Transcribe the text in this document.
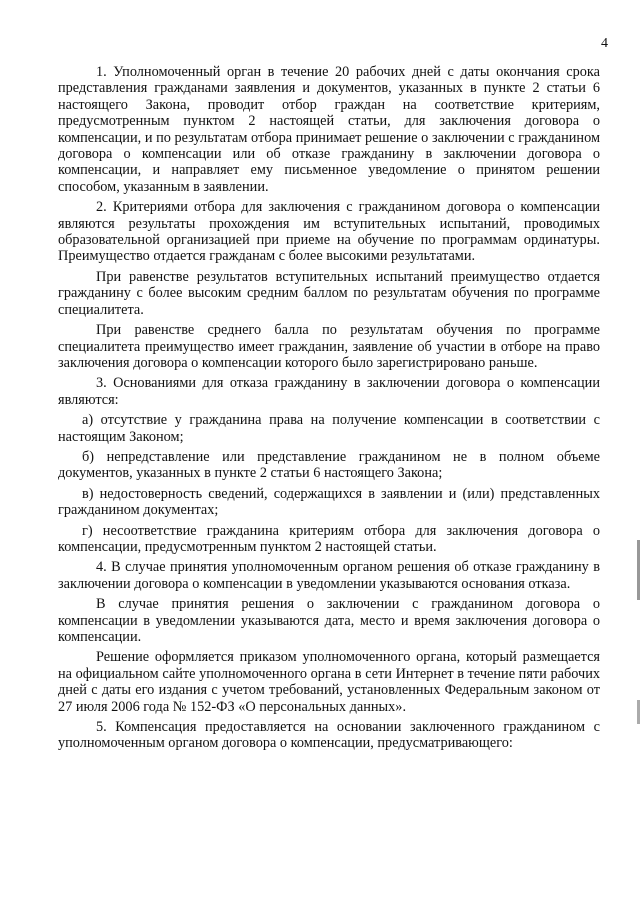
4

1. Уполномоченный орган в течение 20 рабочих дней с даты окончания срока представления гражданами заявления и документов, указанных в пункте 2 статьи 6 настоящего Закона, проводит отбор граждан на соответствие критериям, предусмотренным пунктом 2 настоящей статьи, для заключения договора о компенсации, и по результатам отбора принимает решение о заключении с гражданином договора о компенсации или об отказе гражданину в заключении договора о компенсации, и направляет ему письменное уведомление о принятом решении способом, указанным в заявлении.

2. Критериями отбора для заключения с гражданином договора о компенсации являются результаты прохождения им вступительных испытаний, проводимых образовательной организацией при приеме на обучение по программам ординатуры. Преимущество отдается гражданам с более высокими результатами.

При равенстве результатов вступительных испытаний преимущество отдается гражданину с более высоким средним баллом по результатам обучения по программе специалитета.

При равенстве среднего балла по результатам обучения по программе специалитета преимущество имеет гражданин, заявление об участии в отборе на право заключения договора о компенсации которого было зарегистрировано раньше.

3. Основаниями для отказа гражданину в заключении договора о компенсации являются:

а) отсутствие у гражданина права на получение компенсации в соответствии с настоящим Законом;

б) непредставление или представление гражданином не в полном объеме документов, указанных в пункте 2 статьи 6 настоящего Закона;

в) недостоверность сведений, содержащихся в заявлении и (или) представленных гражданином документах;

г) несоответствие гражданина критериям отбора для заключения договора о компенсации, предусмотренным пунктом 2 настоящей статьи.

4. В случае принятия уполномоченным органом решения об отказе гражданину в заключении договора о компенсации в уведомлении указываются основания отказа.

В случае принятия решения о заключении с гражданином договора о компенсации в уведомлении указываются дата, место и время заключения договора о компенсации.

Решение оформляется приказом уполномоченного органа, который размещается на официальном сайте уполномоченного органа в сети Интернет в течение пяти рабочих дней с даты его издания с учетом требований, установленных Федеральным законом от 27 июля 2006 года № 152-ФЗ «О персональных данных».

5. Компенсация предоставляется на основании заключенного гражданином с уполномоченным органом договора о компенсации, предусматривающего:
